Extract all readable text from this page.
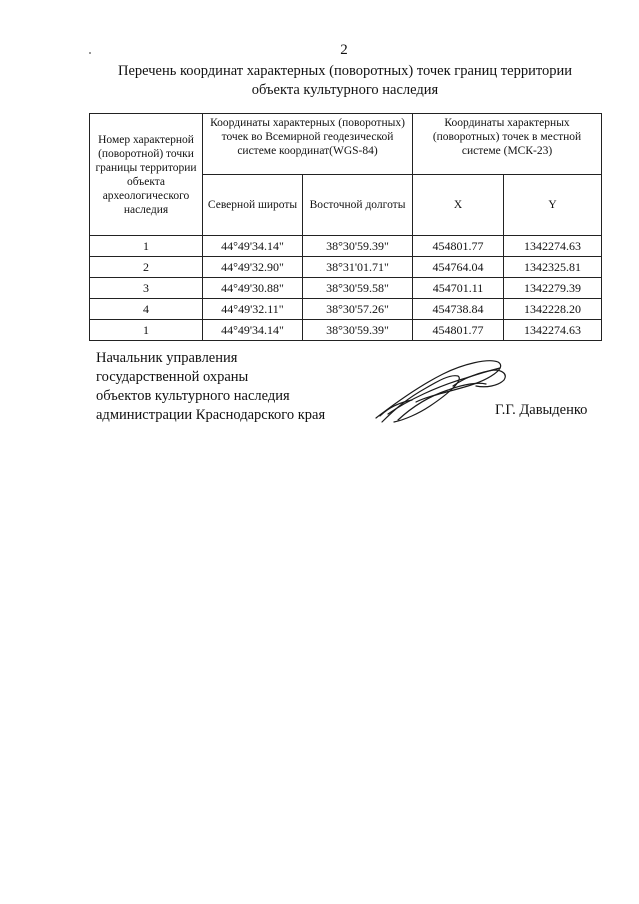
2
Перечень координат характерных (поворотных) точек границ территории
объекта культурного наследия
Номер характерной (поворотной) точки границы территории объекта археологического наследия	Координаты характерных (поворотных) точек во Всемирной геодезической системе координат(WGS-84)		Координаты характерных (поворотных) точек в местной системе (МСК-23)	
	Северной широты	Восточной долготы	X	Y
1	44°49'34.14"	38°30'59.39"	454801.77	1342274.63
2	44°49'32.90"	38°31'01.71"	454764.04	1342325.81
3	44°49'30.88"	38°30'59.58"	454701.11	1342279.39
4	44°49'32.11"	38°30'57.26"	454738.84	1342228.20
1	44°49'34.14"	38°30'59.39"	454801.77	1342274.63
Начальник управления
государственной охраны
объектов культурного наследия
администрации Краснодарского края	Г.Г. Давыденко
